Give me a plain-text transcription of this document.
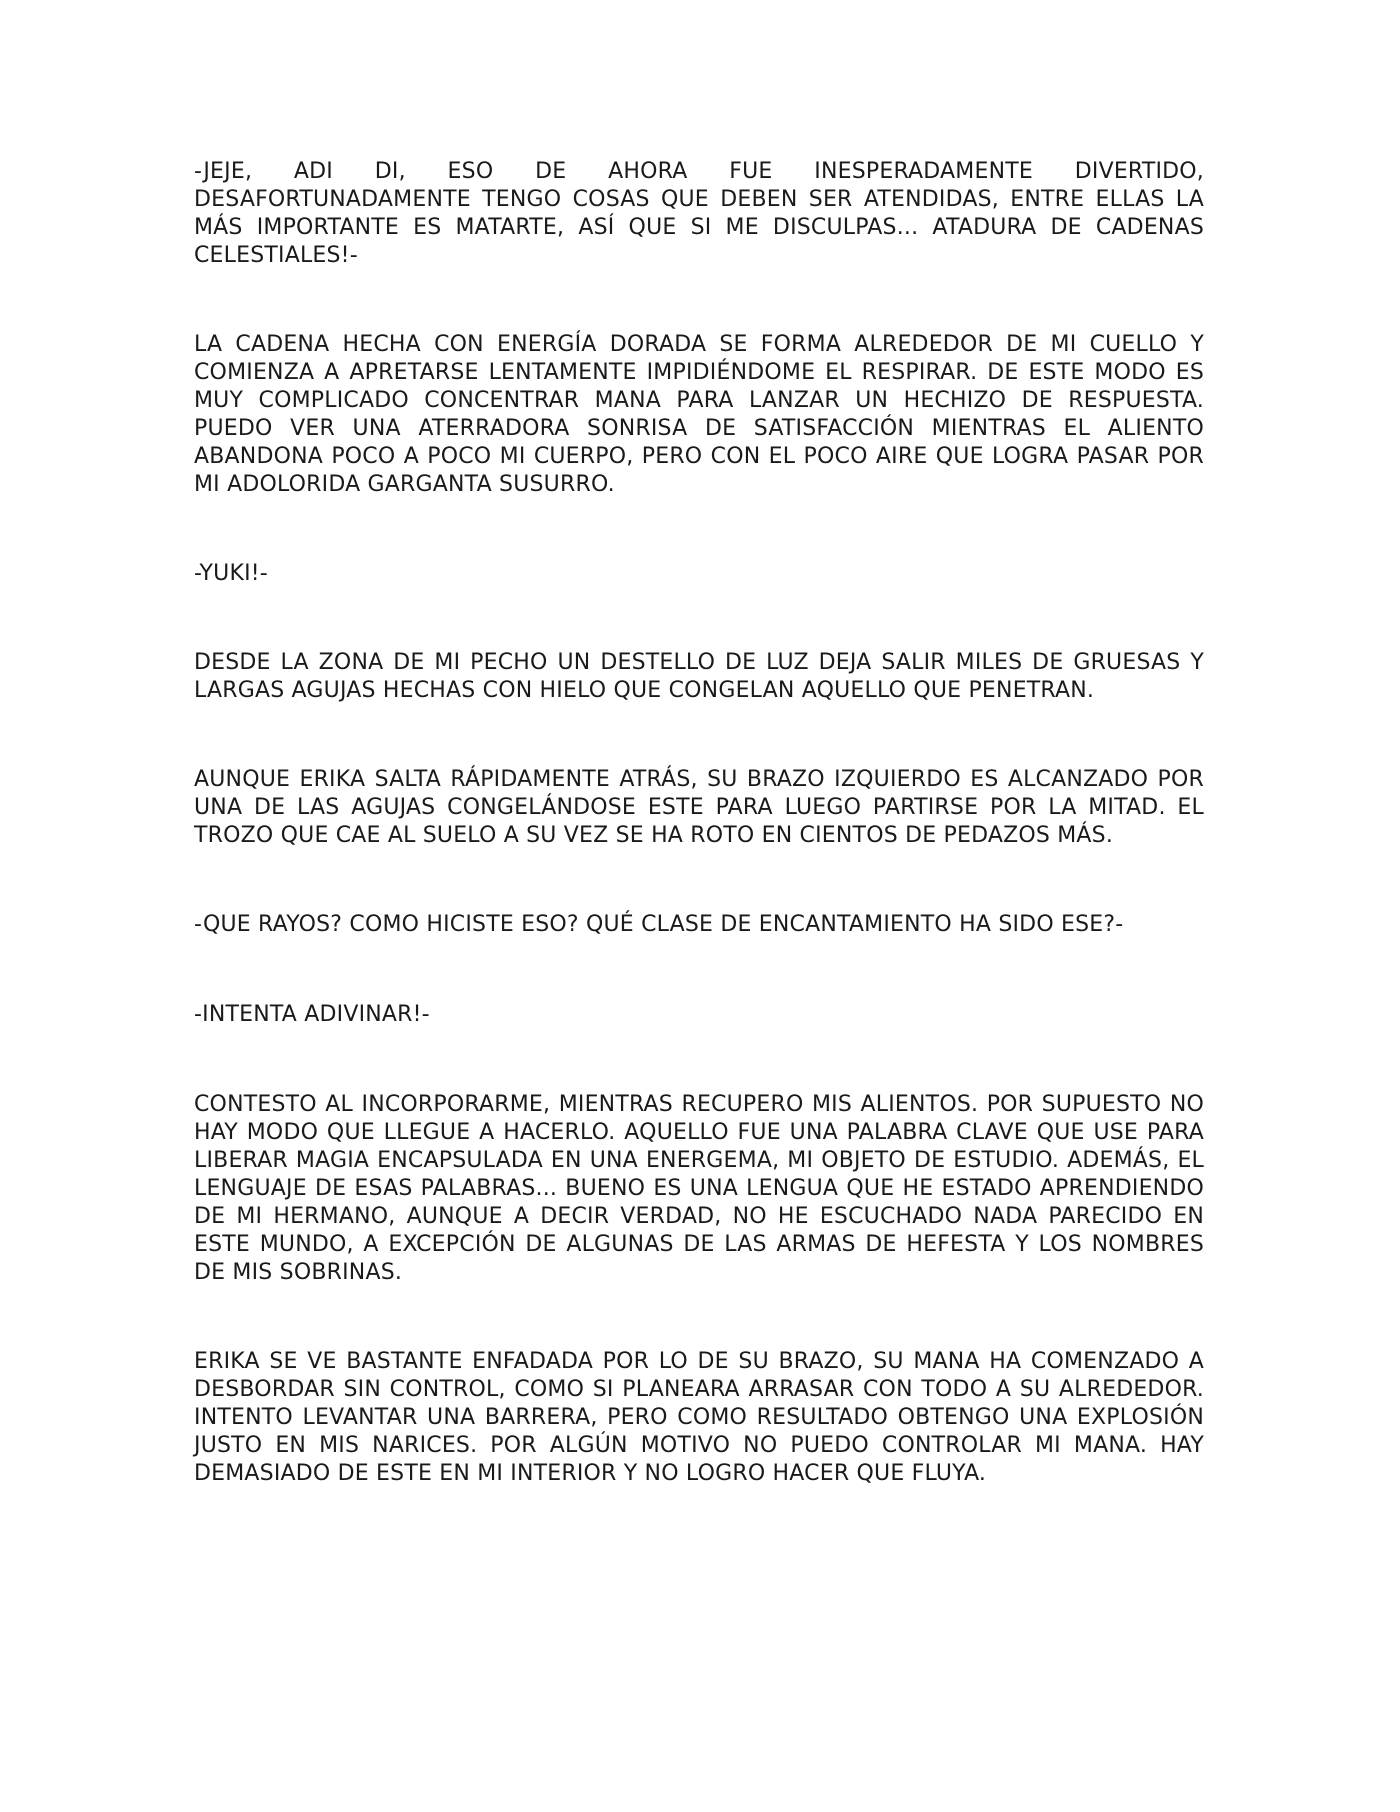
-JEJE, ADI DI, ESO DE AHORA FUE INESPERADAMENTE DIVERTIDO, DESAFORTUNADAMENTE TENGO COSAS QUE DEBEN SER ATENDIDAS, ENTRE ELLAS LA MÁS IMPORTANTE ES MATARTE, ASÍ QUE SI ME DISCULPAS... ATADURA DE CADENAS CELESTIALES!-

LA CADENA HECHA CON ENERGÍA DORADA SE FORMA ALREDEDOR DE MI CUELLO Y COMIENZA A APRETARSE LENTAMENTE IMPIDIÉNDOME EL RESPIRAR. DE ESTE MODO ES MUY COMPLICADO CONCENTRAR MANA PARA LANZAR UN HECHIZO DE RESPUESTA. PUEDO VER UNA ATERRADORA SONRISA DE SATISFACCIÓN MIENTRAS EL ALIENTO ABANDONA POCO A POCO MI CUERPO, PERO CON EL POCO AIRE QUE LOGRA PASAR POR MI ADOLORIDA GARGANTA SUSURRO.

-YUKI!-

DESDE LA ZONA DE MI PECHO UN DESTELLO DE LUZ DEJA SALIR MILES DE GRUESAS Y LARGAS AGUJAS HECHAS CON HIELO QUE CONGELAN AQUELLO QUE PENETRAN.

AUNQUE ERIKA SALTA RÁPIDAMENTE ATRÁS, SU BRAZO IZQUIERDO ES ALCANZADO POR UNA DE LAS AGUJAS CONGELÁNDOSE ESTE PARA LUEGO PARTIRSE POR LA MITAD. EL TROZO QUE CAE AL SUELO A SU VEZ SE HA ROTO EN CIENTOS DE PEDAZOS MÁS.

-QUE RAYOS? COMO HICISTE ESO? QUÉ CLASE DE ENCANTAMIENTO HA SIDO ESE?-

-INTENTA ADIVINAR!-

CONTESTO AL INCORPORARME, MIENTRAS RECUPERO MIS ALIENTOS. POR SUPUESTO NO HAY MODO QUE LLEGUE A HACERLO. AQUELLO FUE UNA PALABRA CLAVE QUE USE PARA LIBERAR MAGIA ENCAPSULADA EN UNA ENERGEMA, MI OBJETO DE ESTUDIO. ADEMÁS, EL LENGUAJE DE ESAS PALABRAS... BUENO ES UNA LENGUA QUE HE ESTADO APRENDIENDO DE MI HERMANO, AUNQUE A DECIR VERDAD, NO HE ESCUCHADO NADA PARECIDO EN ESTE MUNDO, A EXCEPCIÓN DE ALGUNAS DE LAS ARMAS DE HEFESTA Y LOS NOMBRES DE MIS SOBRINAS.

ERIKA SE VE BASTANTE ENFADADA POR LO DE SU BRAZO, SU MANA HA COMENZADO A DESBORDAR SIN CONTROL, COMO SI PLANEARA ARRASAR CON TODO A SU ALREDEDOR. INTENTO LEVANTAR UNA BARRERA, PERO COMO RESULTADO OBTENGO UNA EXPLOSIÓN JUSTO EN MIS NARICES. POR ALGÚN MOTIVO NO PUEDO CONTROLAR MI MANA. HAY DEMASIADO DE ESTE EN MI INTERIOR Y NO LOGRO HACER QUE FLUYA.
